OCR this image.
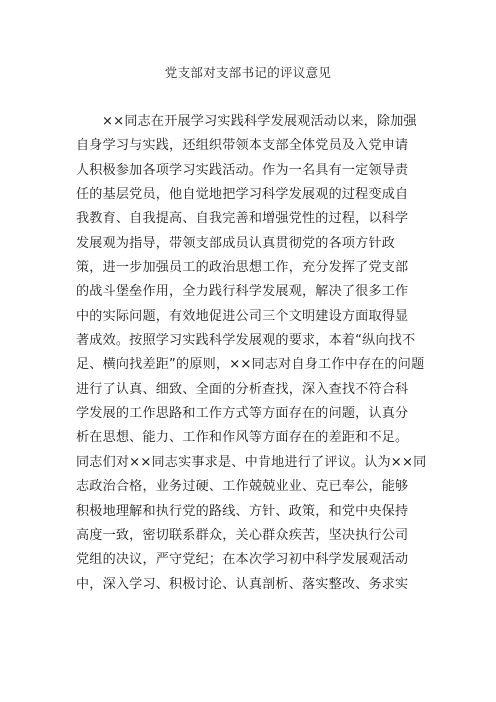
党支部对支部书记的评议意见
××同志在开展学习实践科学发展观活动以来，除加强
自身学习与实践，还组织带领本支部全体党员及入党申请
人积极参加各项学习实践活动。作为一名具有一定领导责
任的基层党员，他自觉地把学习科学发展观的过程变成自
我教育、自我提高、自我完善和增强党性的过程，以科学
发展观为指导，带领支部成员认真贯彻党的各项方针政
策，进一步加强员工的政治思想工作，充分发挥了党支部
的战斗堡垒作用，全力践行科学发展观，解决了很多工作
中的实际问题，有效地促进公司三个文明建设方面取得显
著成效。按照学习实践科学发展观的要求，本着“纵向找不
足、横向找差距”的原则，××同志对自身工作中存在的问题
进行了认真、细致、全面的分析查找，深入查找不符合科
学发展的工作思路和工作方式等方面存在的问题，认真分
析在思想、能力、工作和作风等方面存在的差距和不足。
同志们对××同志实事求是、中肯地进行了评议。认为××同
志政治合格，业务过硬、工作兢兢业业、克已奉公，能够
积极地理解和执行党的路线、方针、政策，和党中央保持
高度一致，密切联系群众，关心群众疾苦，坚决执行公司
党组的决议，严守党纪；在本次学习初中科学发展观活动
中，深入学习、积极讨论、认真剖析、落实整改、务求实
